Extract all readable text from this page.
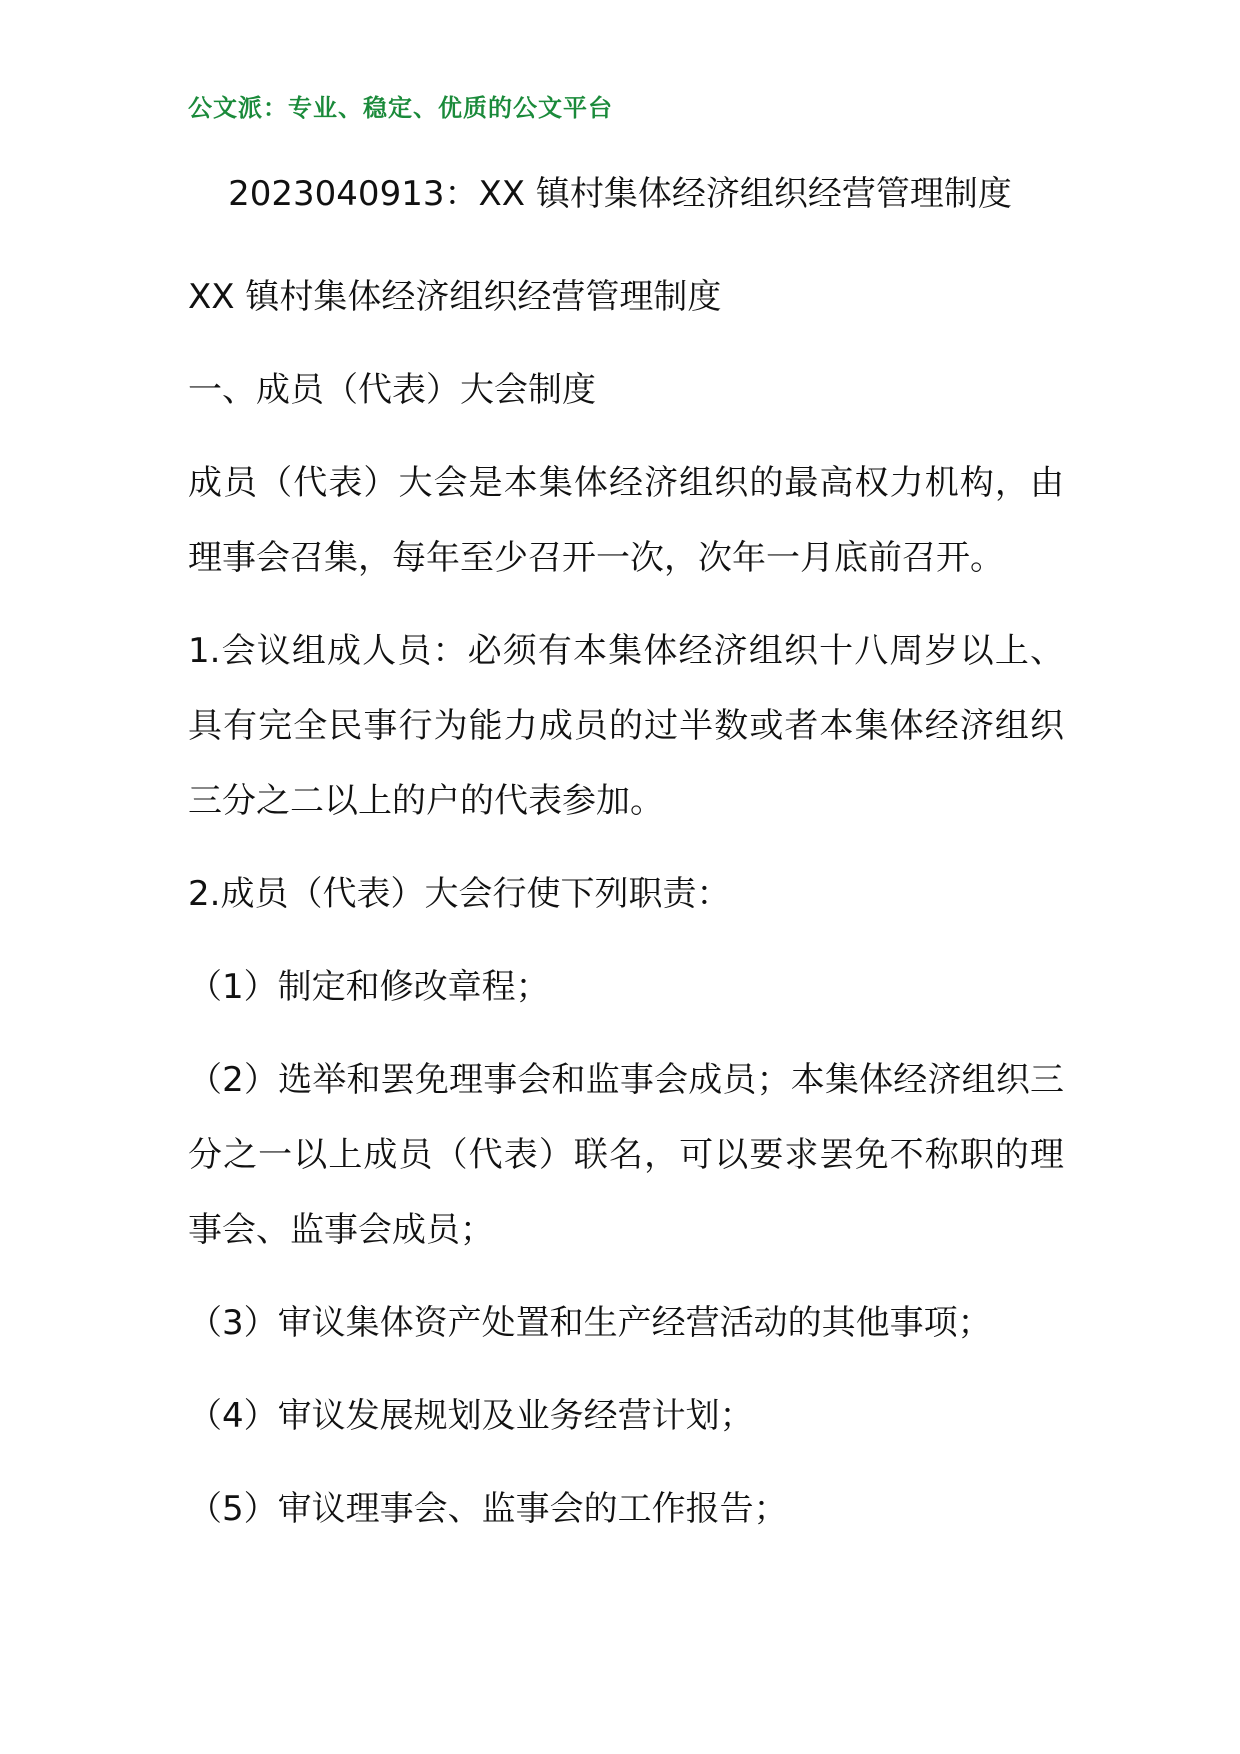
公文派：专业、稳定、优质的公文平台
2023040913：XX 镇村集体经济组织经营管理制度

XX 镇村集体经济组织经营管理制度

一、成员（代表）大会制度

成员（代表）大会是本集体经济组织的最高权力机构，由理事会召集，每年至少召开一次，次年一月底前召开。

1.会议组成人员：必须有本集体经济组织十八周岁以上、具有完全民事行为能力成员的过半数或者本集体经济组织三分之二以上的户的代表参加。

2.成员（代表）大会行使下列职责：

（1）制定和修改章程；

（2）选举和罢免理事会和监事会成员；本集体经济组织三分之一以上成员（代表）联名，可以要求罢免不称职的理事会、监事会成员；

（3）审议集体资产处置和生产经营活动的其他事项；

（4）审议发展规划及业务经营计划；

（5）审议理事会、监事会的工作报告；
